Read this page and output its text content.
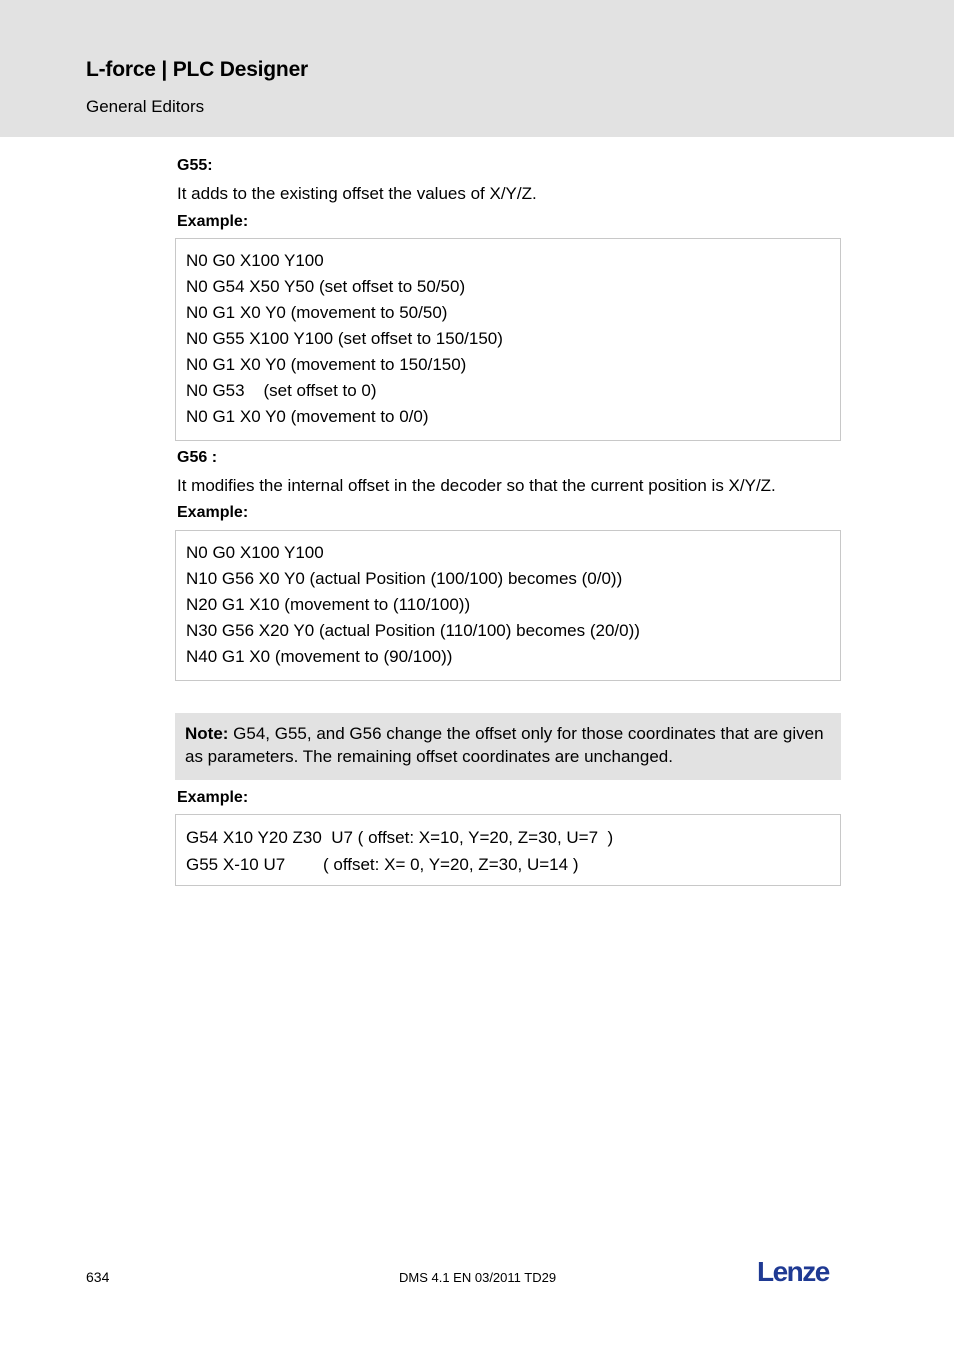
L-force | PLC Designer
General Editors
G55:
It adds to the existing offset the values of X/Y/Z.
Example:
N0 G0 X100 Y100
N0 G54 X50 Y50 (set offset to 50/50)
N0 G1 X0 Y0 (movement to 50/50)
N0 G55 X100 Y100 (set offset to 150/150)
N0 G1 X0 Y0 (movement to 150/150)
N0 G53    (set offset to 0)
N0 G1 X0 Y0 (movement to 0/0)
G56 :
It modifies the internal offset in the decoder so that the current position is X/Y/Z.
Example:
N0 G0 X100 Y100
N10 G56 X0 Y0 (actual Position (100/100) becomes (0/0))
N20 G1 X10 (movement to (110/100))
N30 G56 X20 Y0 (actual Position (110/100) becomes (20/0))
N40 G1 X0 (movement to (90/100))
Note: G54, G55, and G56 change the offset only for those coordinates that are given as parameters. The remaining offset coordinates are unchanged.
Example:
G54 X10 Y20 Z30  U7 ( offset: X=10, Y=20, Z=30, U=7  )
G55 X-10 U7        ( offset: X= 0, Y=20, Z=30, U=14 )
634	DMS 4.1 EN 03/2011 TD29	Lenze
